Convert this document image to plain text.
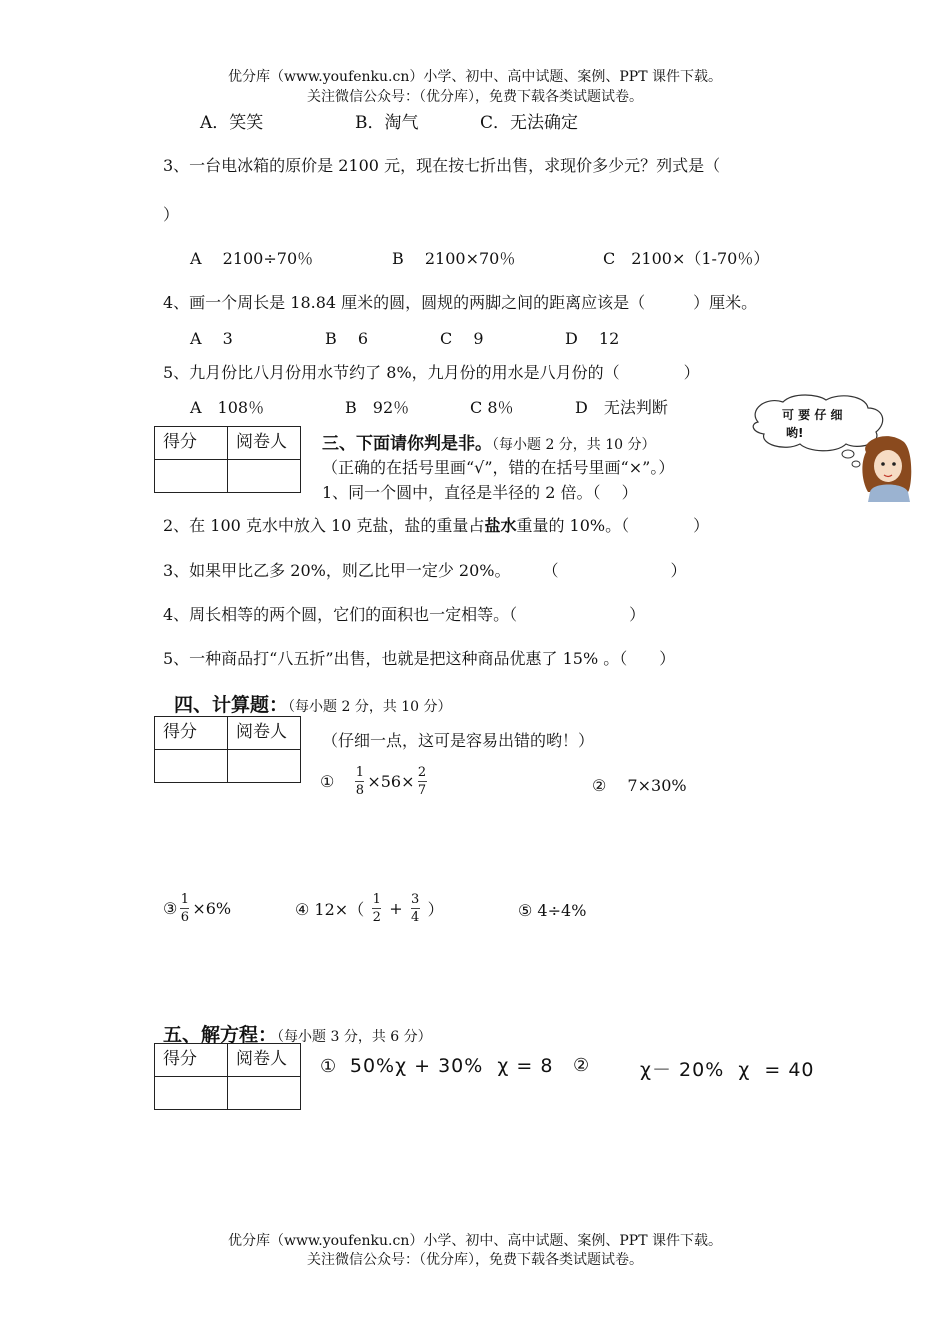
优分库（www.youfenku.cn）小学、初中、高中试题、案例、PPT 课件下载。
关注微信公众号：（优分库），免费下载各类试题试卷。
A．笑笑	B．淘气	C．无法确定
3、一台电冰箱的原价是 2100 元，现在按七折出售，求现价多少元？列式是（
）
A　 2100÷70％	B　 2100×70％	C　2100×（1-70％）
4、画一个周长是 18.84 厘米的圆，圆规的两脚之间的距离应该是（　　　）厘米。
A　 3	B　 6	C　 9	D　 12
5、九月份比八月份用水节约了 8%，九月份的用水是八月份的（　　　　）
A　108％	B　92％	C 8％	D　无法判断	可 要 仔 细
哟!
得分	阅卷人
	三、下面请你判是非。（每小题 2 分，共 10 分）
（正确的在括号里画“√”，错的在括号里画“×”。）
1、同一个圆中，直径是半径的 2 倍。（　 ）
2、在 100 克水中放入 10 克盐，盐的重量占盐水重量的 10%。（　　　　）
3、如果甲比乙多 20%，则乙比甲一定少 20%。　　　（　　　　　　　）
4、周长相等的两个圆，它们的面积也一定相等。（　　　　　　　）
5、一种商品打“八五折”出售，也就是把这种商品优惠了 15% 。（　　）
四、计算题：（每小题 2 分，共 10 分）
得分	阅卷人
	（仔细一点，这可是容易出错的哟！）
① $\frac{1}{8} \times 56\times \frac{2}{7}$	②　 7×30%
③ $\frac{1}{6} \times 6\%$	④ $12\times( \frac{1}{2} + \frac{3}{4}$ ）	⑤ 4÷4%
五、解方程：（每小题 3 分，共 6 分）
得分	阅卷人
	① 50%χ + 30%  χ = 8 ②	χ－ 20%  χ  = 40
优分库（www.youfenku.cn）小学、初中、高中试题、案例、PPT 课件下载。
关注微信公众号：（优分库），免费下载各类试题试卷。
